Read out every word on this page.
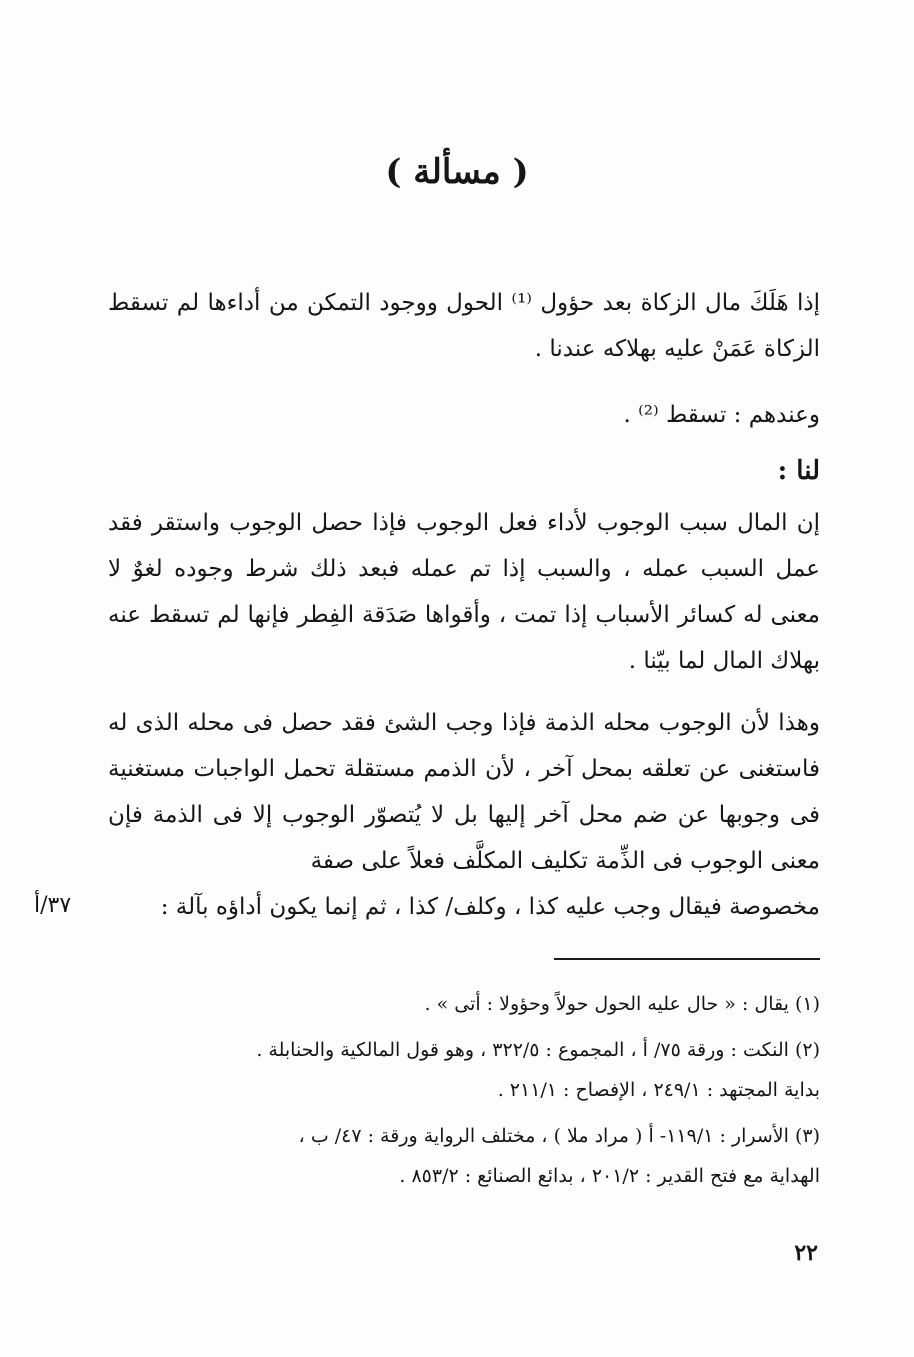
( مسألة )

إذا هَلَكَ مال الزكاة بعد حؤول ⁽¹⁾ الحول ووجود التمكن من أداءها لم تسقط الزكاة عَمَنْ عليه بهلاكه عندنا .

وعندهم : تسقط ⁽²⁾ .

لنا :

إن المال سبب الوجوب لأداء فعل الوجوب فإذا حصل الوجوب واستقر فقد عمل السبب عمله ، والسبب إذا تم عمله فبعد ذلك شرط وجوده لغوٌ لا معنى له كسائر الأسباب إذا تمت ، وأقواها صَدَقة الفِطر فإنها لم تسقط عنه بهلاك المال لما بيّنا .

وهذا لأن الوجوب محله الذمة فإذا وجب الشئ فقد حصل فى محله الذى له فاستغنى عن تعلقه بمحل آخر ، لأن الذمم مستقلة تحمل الواجبات مستغنية فى وجوبها عن ضم محل آخر إليها بل لا يُتصوّر الوجوب إلا فى الذمة فإن معنى الوجوب فى الذِّمة تكليف المكلَّف فعلاً على صفة
مخصوصة فيقال وجب عليه كذا ، وكلف/ كذا ، ثم إنما يكون أداؤه بآلة :
٣٧/أ

(١) يقال : « حال عليه الحول حولاً وحؤولا : أتى » .

(٢) النكت : ورقة ٧٥/ أ ، المجموع : ٣٢٢/٥ ، وهو قول المالكية والحنابلة .
بداية المجتهد : ٢٤٩/١ ، الإفصاح : ٢١١/١ .

(٣) الأسرار : ١١٩/١- أ ( مراد ملا ) ، مختلف الرواية ورقة : ٤٧/ ب ،
الهداية مع فتح القدير : ٢٠١/٢ ، بدائع الصنائع : ٨٥٣/٢ .

٢٢
